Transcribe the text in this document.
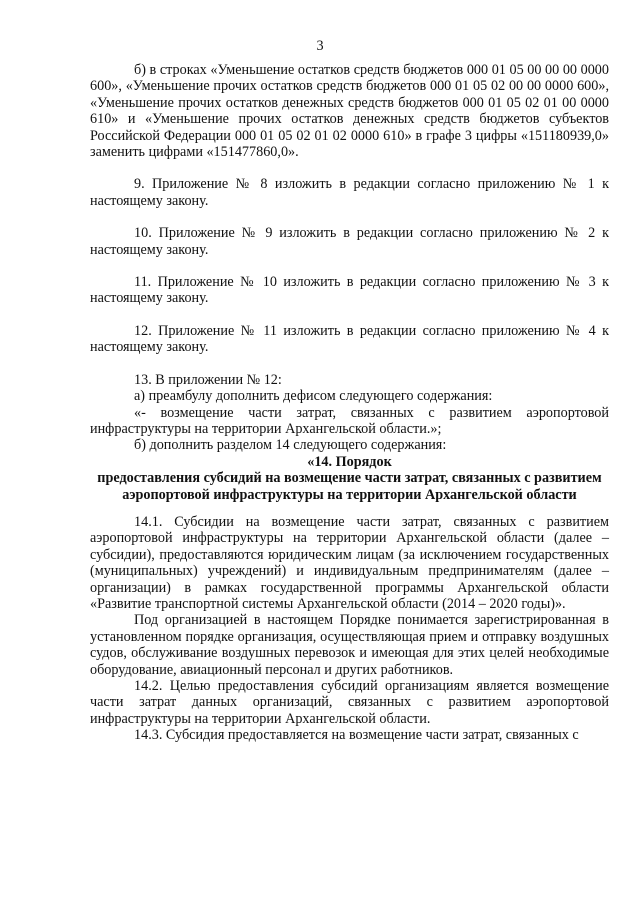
3

б) в строках «Уменьшение остатков средств бюджетов 000 01 05 00 00 00 0000 600», «Уменьшение прочих остатков средств бюджетов 000 01 05 02 00 00 0000 600», «Уменьшение прочих остатков денежных средств бюджетов 000 01 05 02 01 00 0000 610» и «Уменьшение прочих остатков денежных средств бюджетов субъектов Российской Федерации 000 01 05 02 01 02 0000 610» в графе 3 цифры «151180939,0» заменить цифрами «151477860,0».

9. Приложение № 8 изложить в редакции согласно приложению № 1 к настоящему закону.

10. Приложение № 9 изложить в редакции согласно приложению № 2 к настоящему закону.

11. Приложение № 10 изложить в редакции согласно приложению № 3 к настоящему закону.

12. Приложение № 11 изложить в редакции согласно приложению № 4 к настоящему закону.

13. В приложении № 12:

а) преамбулу дополнить дефисом следующего содержания:

«- возмещение части затрат, связанных с развитием аэропортовой инфраструктуры на территории Архангельской области.»;

б) дополнить разделом 14 следующего содержания:

«14. Порядок

предоставления субсидий на возмещение части затрат, связанных с развитием аэропортовой инфраструктуры на территории Архангельской области

14.1. Субсидии на возмещение части затрат, связанных с развитием аэропортовой инфраструктуры на территории Архангельской области (далее – субсидии), предоставляются юридическим лицам (за исключением государственных (муниципальных) учреждений) и индивидуальным предпринимателям (далее – организации) в рамках государственной программы Архангельской области «Развитие транспортной системы Архангельской области (2014 – 2020 годы)».

Под организацией в настоящем Порядке понимается зарегистрированная в установленном порядке организация, осуществляющая прием и отправку воздушных судов, обслуживание воздушных перевозок и имеющая для этих целей необходимые оборудование, авиационный персонал и других работников.

14.2. Целью предоставления субсидий организациям является возмещение части затрат данных организаций, связанных с развитием аэропортовой инфраструктуры на территории Архангельской области.

14.3. Субсидия предоставляется на возмещение части затрат, связанных с
